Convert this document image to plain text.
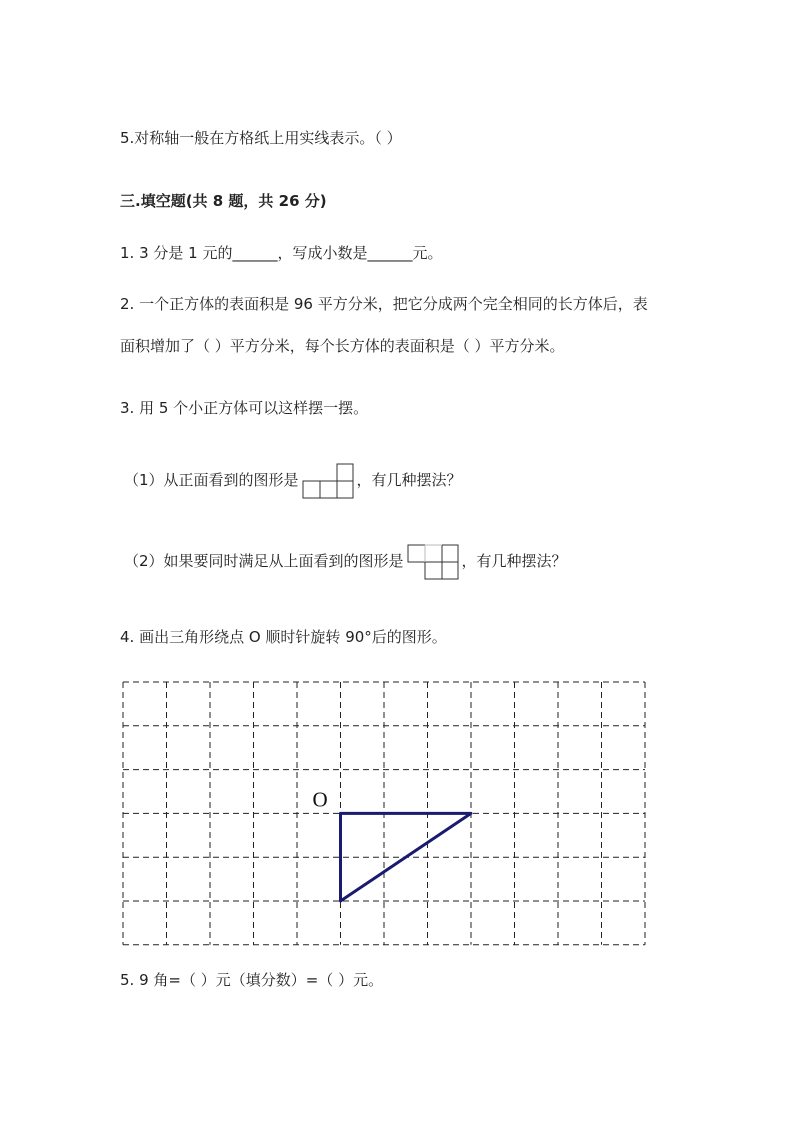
5.对称轴一般在方格纸上用实线表示。（ ）

三.填空题(共 8 题，共 26 分)

1. 3 分是 1 元的______，写成小数是______元。

2. 一个正方体的表面积是 96 平方分米，把它分成两个完全相同的长方体后，表

面积增加了（ ）平方分米，每个长方体的表面积是（ ）平方分米。

3. 用 5 个小正方体可以这样摆一摆。

（1）从正面看到的图形是	，有几种摆法？
（2）如果要同时满足从上面看到的图形是	，有几种摆法？

4. 画出三角形绕点 O 顺时针旋转 90°后的图形。

O

5. 9 角=（ ）元（填分数）=（ ）元。
